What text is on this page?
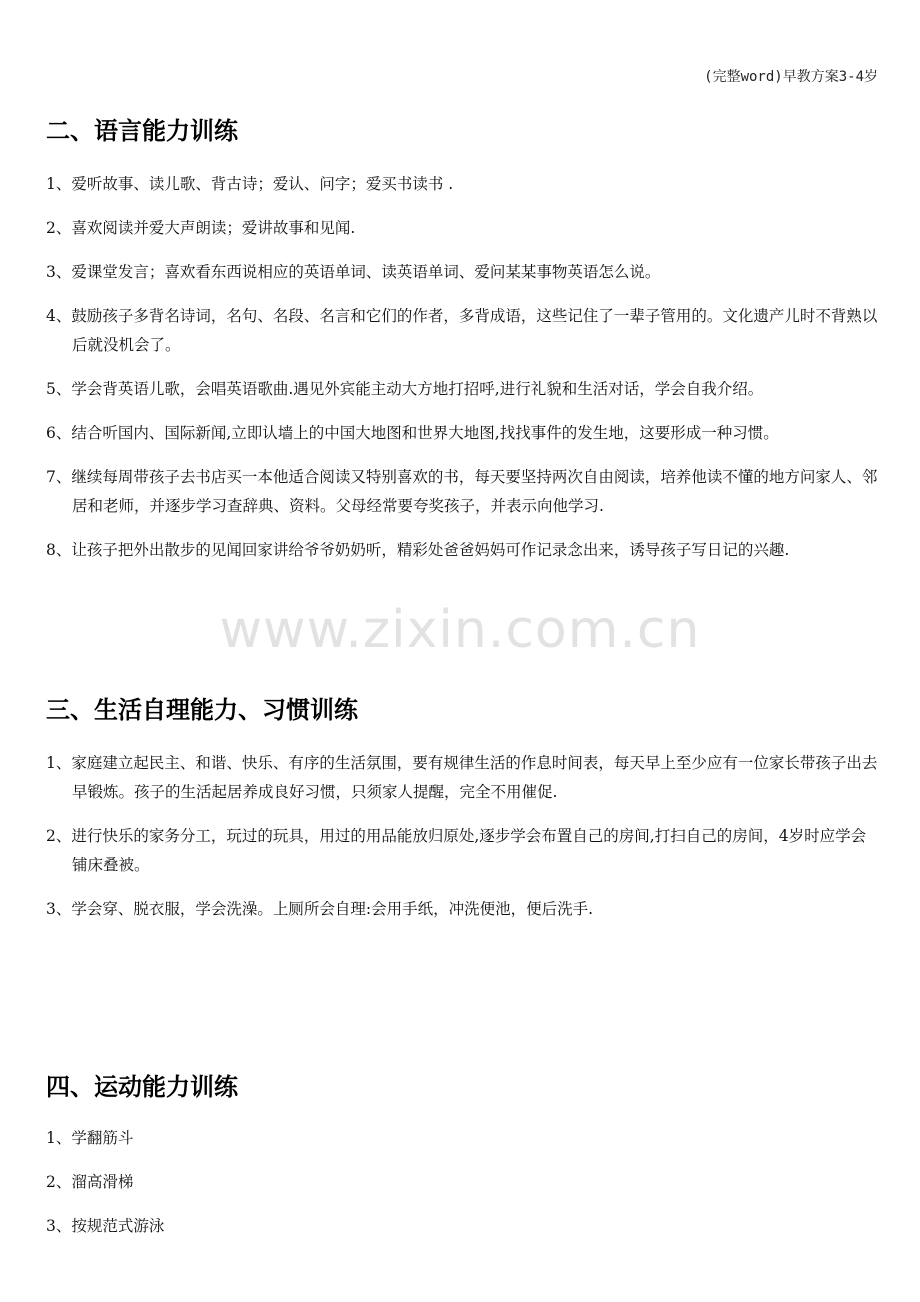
(完整word)早教方案3-4岁
www.zixin.com.cn
二、语言能力训练

1、爱听故事、读儿歌、背古诗；爱认、问字；爱买书读书 .

2、喜欢阅读并爱大声朗读；爱讲故事和见闻.

3、爱课堂发言；喜欢看东西说相应的英语单词、读英语单词、爱问某某事物英语怎么说。

4、鼓励孩子多背名诗词，名句、名段、名言和它们的作者，多背成语，这些记住了一辈子管用的。文化遗产儿时不背熟以后就没机会了。

5、学会背英语儿歌，会唱英语歌曲.遇见外宾能主动大方地打招呼,进行礼貌和生活对话，学会自我介绍。

6、结合听国内、国际新闻,立即认墙上的中国大地图和世界大地图,找找事件的发生地，这要形成一种习惯。

7、继续每周带孩子去书店买一本他适合阅读又特别喜欢的书，每天要坚持两次自由阅读，培养他读不懂的地方问家人、邻居和老师，并逐步学习查辞典、资料。父母经常要夸奖孩子，并表示向他学习.

8、让孩子把外出散步的见闻回家讲给爷爷奶奶听，精彩处爸爸妈妈可作记录念出来，诱导孩子写日记的兴趣.

三、生活自理能力、习惯训练

1、家庭建立起民主、和谐、快乐、有序的生活氛围，要有规律生活的作息时间表，每天早上至少应有一位家长带孩子出去早锻炼。孩子的生活起居养成良好习惯，只须家人提醒，完全不用催促.

2、进行快乐的家务分工，玩过的玩具，用过的用品能放归原处,逐步学会布置自己的房间,打扫自己的房间，4岁时应学会铺床叠被。

3、学会穿、脱衣服，学会洗澡。上厕所会自理:会用手纸，冲洗便池，便后洗手.

四、运动能力训练

1、学翻筋斗

2、溜高滑梯

3、按规范式游泳
